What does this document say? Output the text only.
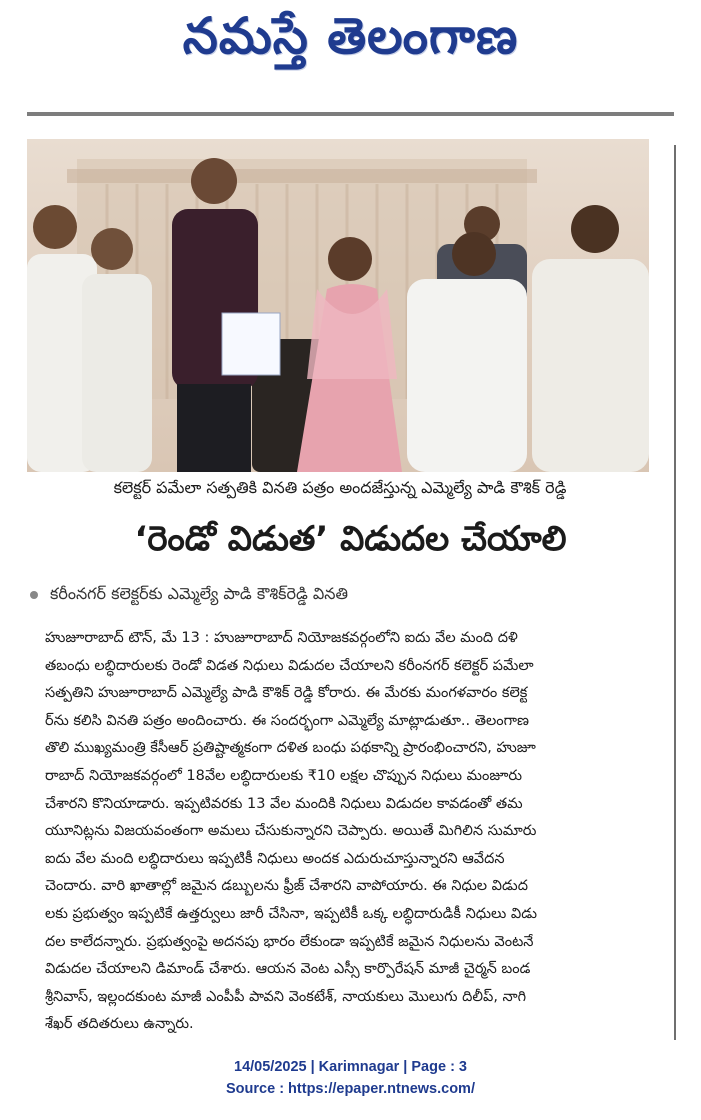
నమస్తే తెలంగాణ
కలెక్టర్ పమేలా సత్పతికి వినతి పత్రం అందజేస్తున్న ఎమ్మెల్యే పాడి కౌశిక్ రెడ్డి
‘రెండో విడుత’ విడుదల చేయాలి
కరీంనగర్ కలెక్టర్‌కు ఎమ్మెల్యే పాడి కౌశిక్‌రెడ్డి వినతి
హుజూరాబాద్ టౌన్, మే 13 : హుజూరాబాద్ నియోజకవర్గంలోని ఐదు వేల మంది దళి
తబంధు లబ్ధిదారులకు రెండో విడత నిధులు విడుదల చేయాలని కరీంనగర్ కలెక్టర్ పమేలా
సత్పతిని హుజూరాబాద్ ఎమ్మెల్యే పాడి కౌశిక్ రెడ్డి కోరారు. ఈ మేరకు మంగళవారం కలెక్ట
ర్‌ను కలిసి వినతి పత్రం అందించారు. ఈ సందర్భంగా ఎమ్మెల్యే మాట్లాడుతూ.. తెలంగాణ
తొలి ముఖ్యమంత్రి కేసీఆర్ ప్రతిష్టాత్మకంగా దళిత బంధు పథకాన్ని ప్రారంభించారని, హుజూ
రాబాద్ నియోజకవర్గంలో 18వేల లబ్ధిదారులకు ₹10 లక్షల చొప్పున నిధులు మంజూరు
చేశారని కొనియాడారు. ఇప్పటివరకు 13 వేల మందికి నిధులు విడుదల కావడంతో తమ
యూనిట్లను విజయవంతంగా అమలు చేసుకున్నారని చెప్పారు. అయితే మిగిలిన సుమారు
ఐదు వేల మంది లబ్ధిదారులు ఇప్పటికీ నిధులు అందక ఎదురుచూస్తున్నారని ఆవేదన
చెందారు. వారి ఖాతాల్లో జమైన డబ్బులను ఫ్రీజ్ చేశారని వాపోయారు. ఈ నిధుల విడుద
లకు ప్రభుత్వం ఇప్పటికే ఉత్తర్వులు జారీ చేసినా, ఇప్పటికీ ఒక్క లబ్ధిదారుడికీ నిధులు విడు
దల కాలేదన్నారు. ప్రభుత్వంపై అదనపు భారం లేకుండా ఇప్పటికే జమైన నిధులను వెంటనే
విడుదల చేయాలని డిమాండ్ చేశారు. ఆయన వెంట ఎస్సీ కార్పొరేషన్ మాజీ చైర్మన్ బండ
శ్రీనివాస్, ఇల్లందకుంట మాజీ ఎంపీపీ పావని వెంకటేశ్, నాయకులు మొలుగు దిలీప్, నాగి
శేఖర్ తదితరులు ఉన్నారు.
14/05/2025 | Karimnagar | Page : 3
Source : https://epaper.ntnews.com/
